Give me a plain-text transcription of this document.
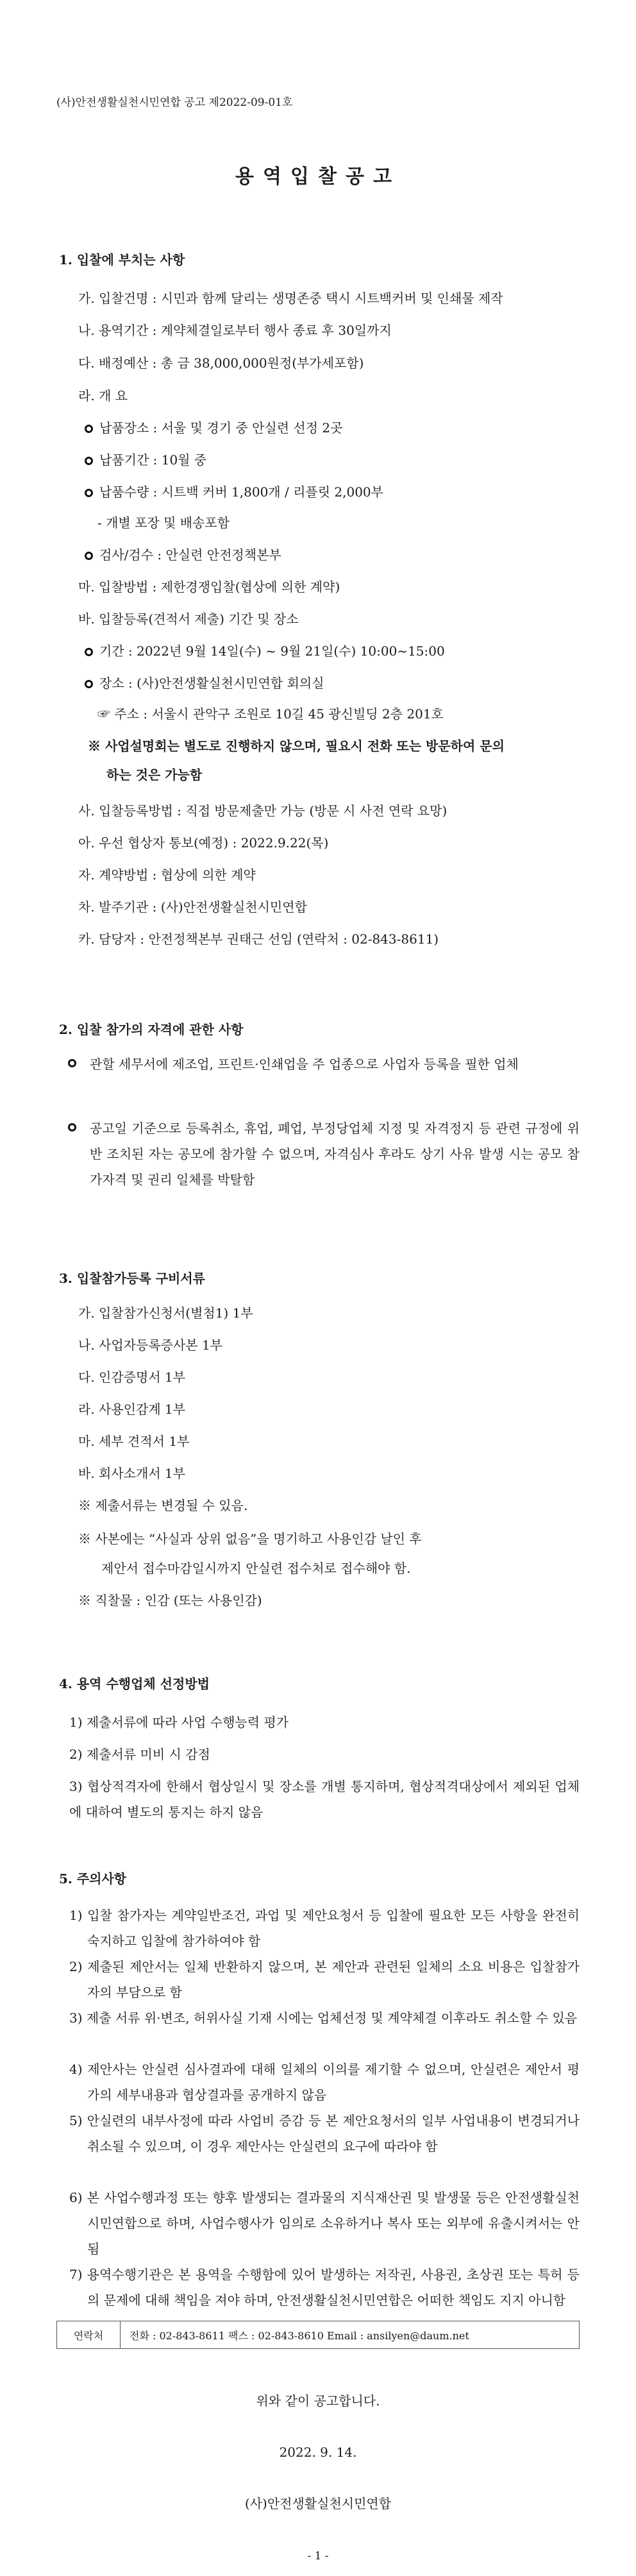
(사)안전생활실천시민연합 공고 제2022-09-01호
용역입찰공고
1. 입찰에 부치는 사항
가. 입찰건명 : 시민과 함께 달리는 생명존중 택시 시트백커버 및 인쇄물 제작
나. 용역기간 : 계약체결일로부터 행사 종료 후 30일까지
다. 배정예산 : 총 금 38,000,000원정(부가세포함)
라. 개 요
납품장소 : 서울 및 경기 중 안실련 선정 2곳
납품기간 : 10월 중
납품수량 : 시트백 커버 1,800개 / 리플릿 2,000부
- 개별 포장 및 배송포함
검사/검수 : 안실련 안전정책본부
마. 입찰방법 : 제한경쟁입찰(협상에 의한 계약)
바. 입찰등록(견적서 제출) 기간 및 장소
기간 : 2022년 9월 14일(수) ~ 9월 21일(수) 10:00~15:00
장소 : (사)안전생활실천시민연합 회의실
☞ 주소 : 서울시 관악구 조원로 10길 45 광신빌딩 2층 201호
※ 사업설명회는 별도로 진행하지 않으며, 필요시 전화 또는 방문하여 문의
하는 것은 가능함
사. 입찰등록방법 : 직접 방문제출만 가능 (방문 시 사전 연락 요망)
아. 우선 협상자 통보(예정) : 2022.9.22(목)
자. 계약방법 : 협상에 의한 계약
차. 발주기관 : (사)안전생활실천시민연합
카. 담당자 : 안전정책본부 권태근 선임 (연락처 : 02-843-8611)
2. 입찰 참가의 자격에 관한 사항
관할 세무서에 제조업, 프린트·인쇄업을 주 업종으로 사업자 등록을 필한 업체
공고일 기준으로 등록취소, 휴업, 폐업, 부정당업체 지정 및 자격정지 등 관련 규정에 위반 조치된 자는 공모에 참가할 수 없으며, 자격심사 후라도 상기 사유 발생 시는 공모 참가자격 및 권리 일체를 박탈함
3. 입찰참가등록 구비서류
가. 입찰참가신청서(별첨1) 1부
나. 사업자등록증사본 1부
다. 인감증명서 1부
라. 사용인감계 1부
마. 세부 견적서 1부
바. 회사소개서 1부
※ 제출서류는 변경될 수 있음.
※ 사본에는 “사실과 상위 없음”을 명기하고 사용인감 날인 후
제안서 접수마감일시까지 안실련 접수처로 접수해야 함.
※ 직찰물 : 인감 (또는 사용인감)
4. 용역 수행업체 선정방법
1) 제출서류에 따라 사업 수행능력 평가
2) 제출서류 미비 시 감점
3) 협상적격자에 한해서 협상일시 및 장소를 개별 통지하며, 협상적격대상에서 제외된 업체에 대하여 별도의 통지는 하지 않음
5. 주의사항
1) 입찰 참가자는 계약일반조건, 과업 및 제안요청서 등 입찰에 필요한 모든 사항을 완전히 숙지하고 입찰에 참가하여야 함
2) 제출된 제안서는 일체 반환하지 않으며, 본 제안과 관련된 일체의 소요 비용은 입찰참가자의 부담으로 함
3) 제출 서류 위·변조, 허위사실 기재 시에는 업체선정 및 계약체결 이후라도 취소할 수 있음
4) 제안사는 안실련 심사결과에 대해 일체의 이의를 제기할 수 없으며, 안실련은 제안서 평가의 세부내용과 협상결과를 공개하지 않음
5) 안실련의 내부사정에 따라 사업비 증감 등 본 제안요청서의 일부 사업내용이 변경되거나 취소될 수 있으며, 이 경우 제안사는 안실련의 요구에 따라야 함
6) 본 사업수행과정 또는 향후 발생되는 결과물의 지식재산권 및 발생물 등은 안전생활실천시민연합으로 하며, 사업수행사가 임의로 소유하거나 복사 또는 외부에 유출시켜서는 안 됨
7) 용역수행기관은 본 용역을 수행함에 있어 발생하는 저작권, 사용권, 초상권 또는 특허 등의 문제에 대해 책임을 져야 하며, 안전생활실천시민연합은 어떠한 책임도 지지 아니함
연락처	전화 : 02-843-8611 팩스 : 02-843-8610 Email : ansilyen@daum.net
위와 같이 공고합니다.
2022. 9. 14.
(사)안전생활실천시민연합
- 1 -
